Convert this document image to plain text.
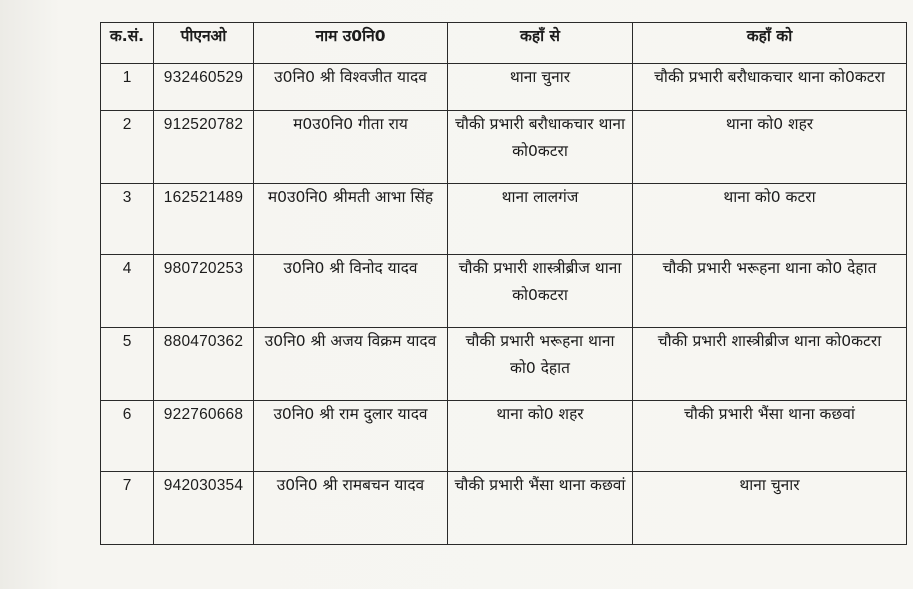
क.सं.	पीएनओ	नाम उ0नि0	कहाँ से	कहाँ को
1	932460529	उ0नि0 श्री विश्वजीत यादव	थाना चुनार	चौकी प्रभारी बरौधाकचार थाना को0कटरा
2	912520782	म0उ0नि0 गीता राय	चौकी प्रभारी बरौधाकचार थाना को0कटरा	थाना को0 शहर
3	162521489	म0उ0नि0 श्रीमती आभा सिंह	थाना लालगंज	थाना को0 कटरा
4	980720253	उ0नि0 श्री विनोद यादव	चौकी प्रभारी शास्त्रीब्रीज थाना को0कटरा	चौकी प्रभारी भरूहना थाना को0 देहात
5	880470362	उ0नि0 श्री अजय विक्रम यादव	चौकी प्रभारी भरूहना थाना को0 देहात	चौकी प्रभारी शास्त्रीब्रीज थाना को0कटरा
6	922760668	उ0नि0 श्री राम दुलार यादव	थाना को0 शहर	चौकी प्रभारी भैंसा थाना कछवां
7	942030354	उ0नि0 श्री रामबचन यादव	चौकी प्रभारी भैंसा थाना कछवां	थाना चुनार
